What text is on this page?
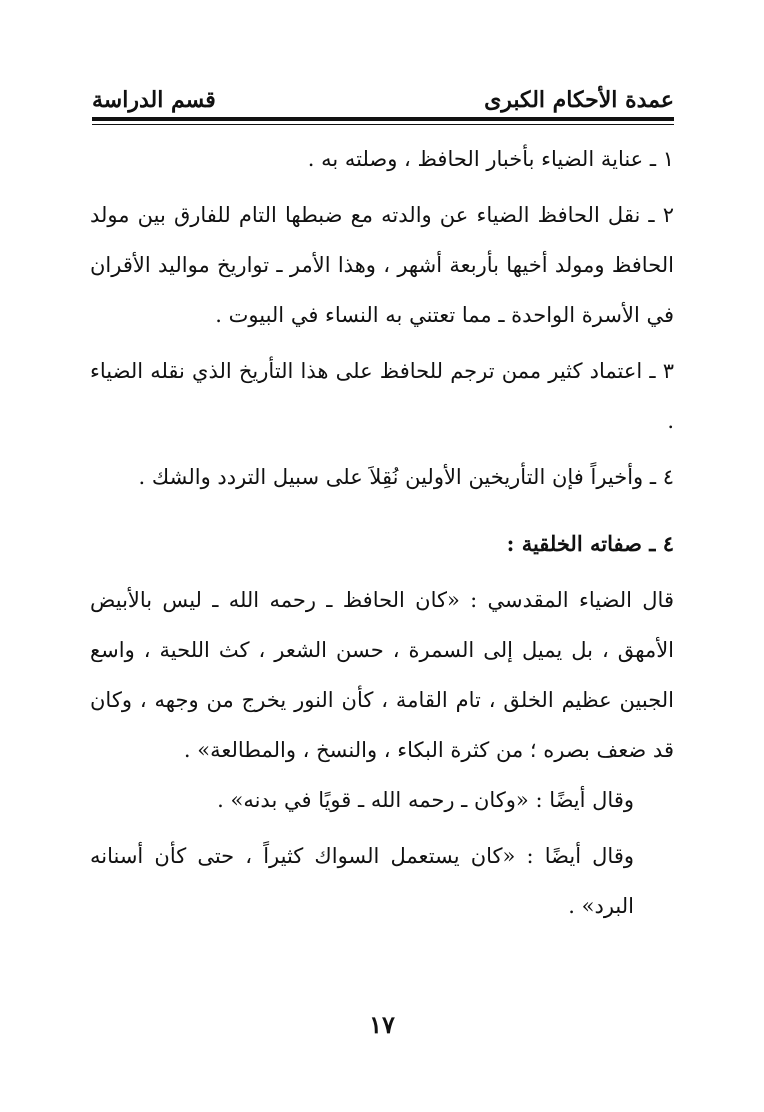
عمدة الأحكام الكبرى
قسم الدراسة

١ ـ عناية الضياء بأخبار الحافظ ، وصلته به .

٢ ـ نقل الحافظ الضياء عن والدته مع ضبطها التام للفارق بين مولد الحافظ ومولد أخيها بأربعة أشهر ، وهذا الأمر ـ تواريخ مواليد الأقران في الأسرة الواحدة ـ مما تعتني به النساء في البيوت .

٣ ـ اعتماد كثير ممن ترجم للحافظ على هذا التأريخ الذي نقله الضياء .

٤ ـ وأخيراً فإن التأريخين الأولين نُقِلاَ على سبيل التردد والشك .

٤ ـ صفاته الخلقية :

قال الضياء المقدسي : «كان الحافظ ـ رحمه الله ـ ليس بالأبيض الأمهق ، بل يميل إلى السمرة ، حسن الشعر ، كث اللحية ، واسع الجبين عظيم الخلق ، تام القامة ، كأن النور يخرج من وجهه ، وكان قد ضعف بصره ؛ من كثرة البكاء ، والنسخ ، والمطالعة» .

وقال أيضًا : «وكان ـ رحمه الله ـ قويًا في بدنه» .

وقال أيضًا : «كان يستعمل السواك كثيراً ، حتى كأن أسنانه البرد» .

١٧
